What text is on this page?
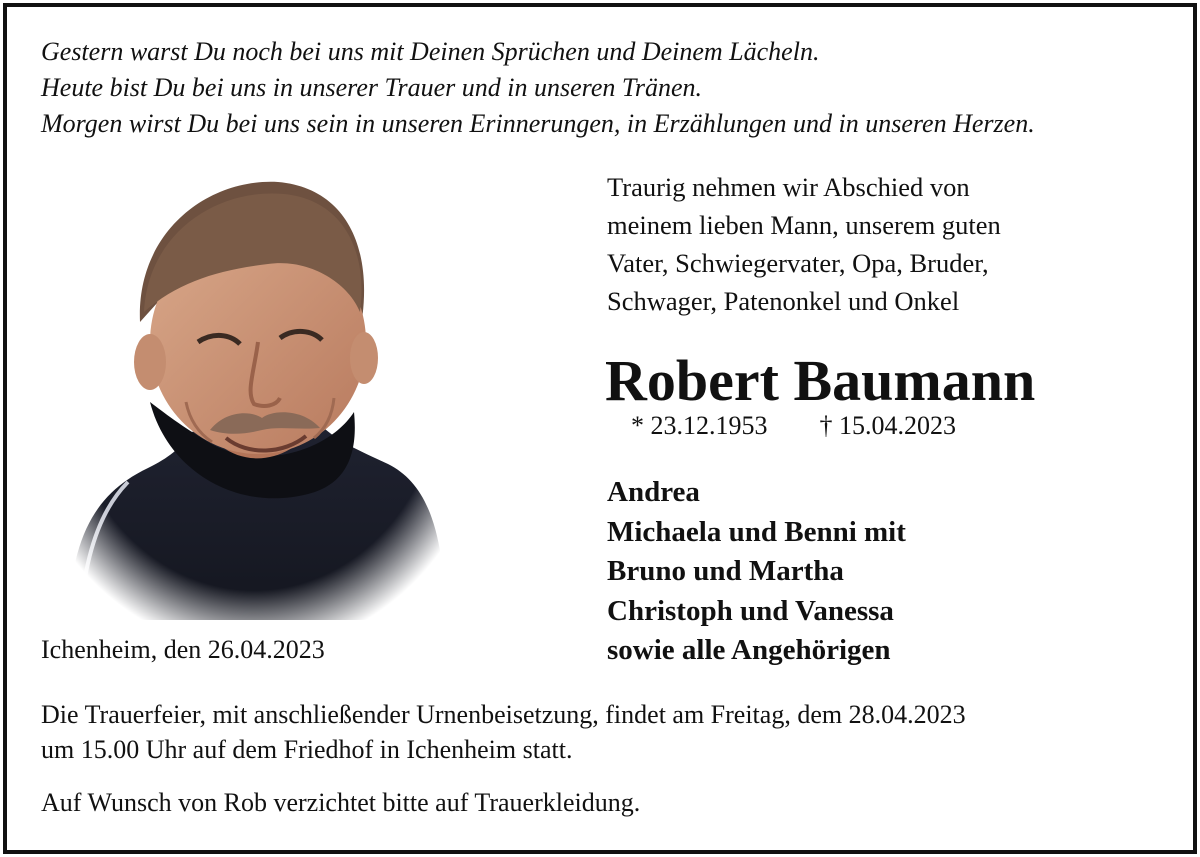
Gestern warst Du noch bei uns mit Deinen Sprüchen und Deinem Lächeln.
Heute bist Du bei uns in unserer Trauer und in unseren Tränen.
Morgen wirst Du bei uns sein in unseren Erinnerungen, in Erzählungen und in unseren Herzen.
Traurig nehmen wir Abschied von
meinem lieben Mann, unserem guten
Vater, Schwiegervater, Opa, Bruder,
Schwager, Patenonkel und Onkel
Robert Baumann
* 23.12.1953 † 15.04.2023
Andrea
Michaela und Benni mit
Bruno und Martha
Christoph und Vanessa
sowie alle Angehörigen
Ichenheim, den 26.04.2023
Die Trauerfeier, mit anschließender Urnenbeisetzung, findet am Freitag, dem 28.04.2023
um 15.00 Uhr auf dem Friedhof in Ichenheim statt.
Auf Wunsch von Rob verzichtet bitte auf Trauerkleidung.
